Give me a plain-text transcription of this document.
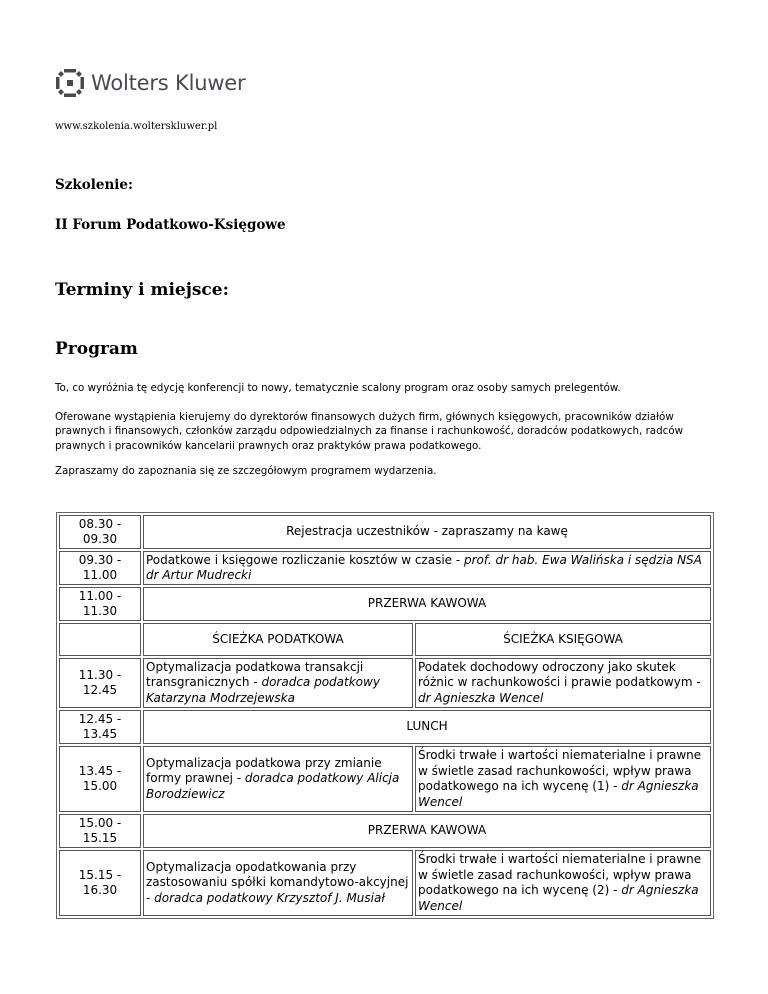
Wolters Kluwer
www.szkolenia.wolterskluwer.pl
Szkolenie:
II Forum Podatkowo-Księgowe
Terminy i miejsce:
Program
To, co wyróżnia tę edycję konferencji to nowy, tematycznie scalony program oraz osoby samych prelegentów.
Oferowane wystąpienia kierujemy do dyrektorów finansowych dużych firm, głównych księgowych, pracowników działów prawnych i finansowych, członków zarządu odpowiedzialnych za finanse i rachunkowość, doradców podatkowych, radców prawnych i pracowników kancelarii prawnych oraz praktyków prawa podatkowego.
Zapraszamy do zapoznania się ze szczegółowym programem wydarzenia.
08.30 - 09.30	Rejestracja uczestników - zapraszamy na kawę	
09.30 - 11.00	Podatkowe i księgowe rozliczanie kosztów w czasie - prof. dr hab. Ewa Walińska i sędzia NSA dr Artur Mudrecki	
11.00 - 11.30	PRZERWA KAWOWA	
	ŚCIEŻKA PODATKOWA	ŚCIEŻKA KSIĘGOWA
11.30 - 12.45	Optymalizacja podatkowa transakcji transgranicznych - doradca podatkowy Katarzyna Modrzejewska	Podatek dochodowy odroczony jako skutek różnic w rachunkowości i prawie podatkowym - dr Agnieszka Wencel
12.45 - 13.45	LUNCH	
13.45 - 15.00	Optymalizacja podatkowa przy zmianie formy prawnej - doradca podatkowy Alicja Borodziewicz	Środki trwałe i wartości niematerialne i prawne w świetle zasad rachunkowości, wpływ prawa podatkowego na ich wycenę (1) - dr Agnieszka Wencel
15.00 - 15.15	PRZERWA KAWOWA	
15.15 - 16.30	Optymalizacja opodatkowania przy zastosowaniu spółki komandytowo-akcyjnej - doradca podatkowy Krzysztof J. Musiał	Środki trwałe i wartości niematerialne i prawne w świetle zasad rachunkowości, wpływ prawa podatkowego na ich wycenę (2) - dr Agnieszka Wencel
